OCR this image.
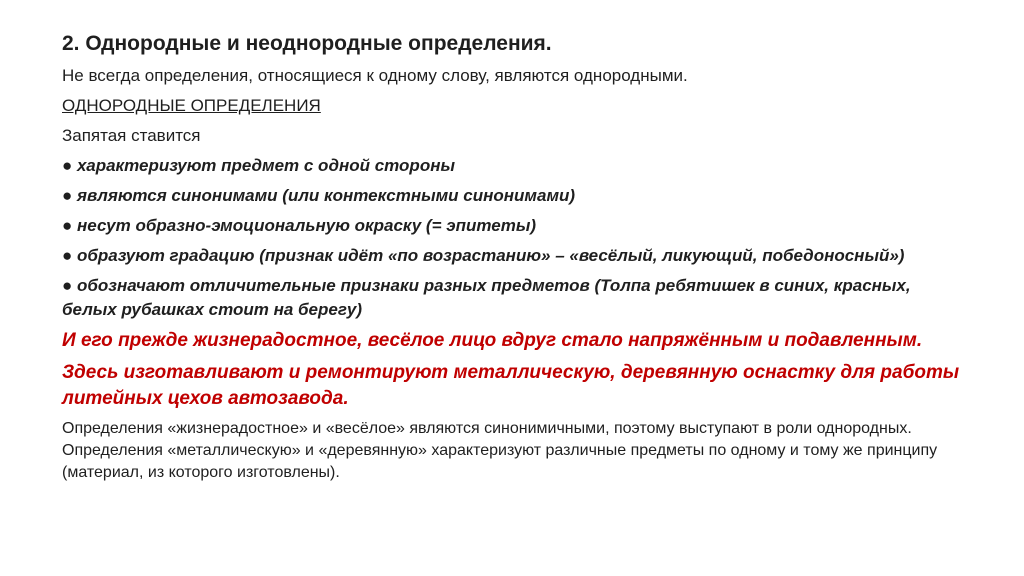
2. Однородные и неоднородные определения.
Не всегда определения, относящиеся к одному слову, являются однородными.
ОДНОРОДНЫЕ ОПРЕДЕЛЕНИЯ
Запятая ставится
● характеризуют предмет с одной стороны
● являются синонимами (или контекстными синонимами)
● несут образно-эмоциональную окраску (= эпитеты)
● образуют градацию (признак идёт «по возрастанию» – «весёлый, ликующий, победоносный»)
● обозначают отличительные признаки разных предметов (Толпа ребятишек в синих, красных, белых рубашках стоит на берегу)
И его прежде жизнерадостное, весёлое лицо вдруг стало напряжённым и подавленным.
Здесь изготавливают и ремонтируют металлическую, деревянную оснастку для работы литейных цехов автозавода.
Определения «жизнерадостное» и «весёлое» являются синонимичными, поэтому выступают в роли однородных. Определения «металлическую» и «деревянную» характеризуют различные предметы по одному и тому же принципу (материал, из которого изготовлены).
